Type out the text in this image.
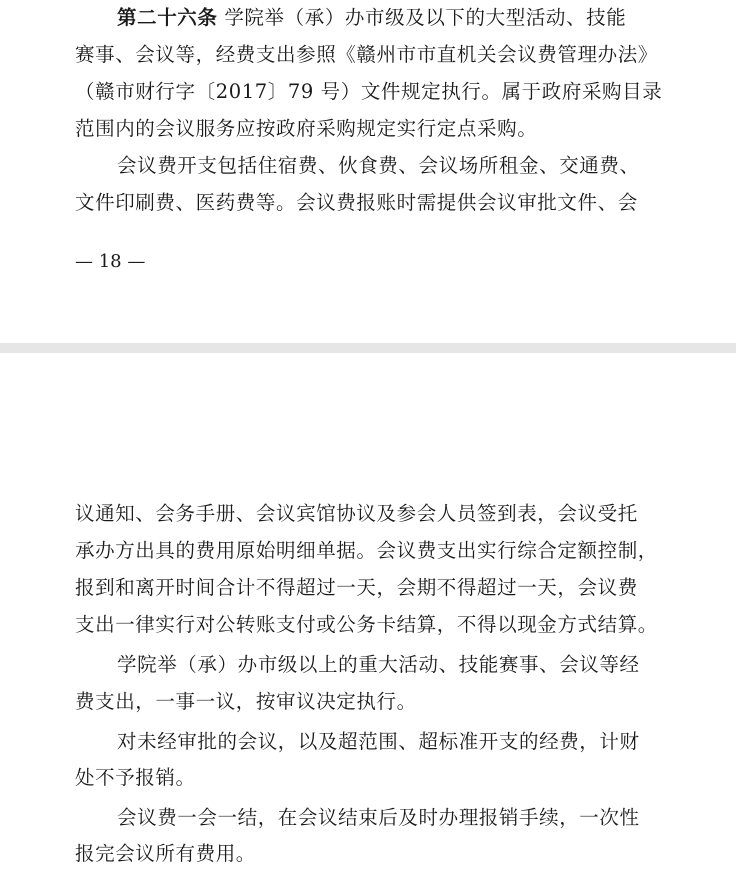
第二十六条 学院举（承）办市级及以下的大型活动、技能
赛事、会议等，经费支出参照《赣州市市直机关会议费管理办法》
（赣市财行字〔2017〕79 号）文件规定执行。属于政府采购目录
范围内的会议服务应按政府采购规定实行定点采购。
会议费开支包括住宿费、伙食费、会议场所租金、交通费、
文件印刷费、医药费等。会议费报账时需提供会议审批文件、会
— 18 —
议通知、会务手册、会议宾馆协议及参会人员签到表，会议受托
承办方出具的费用原始明细单据。会议费支出实行综合定额控制，
报到和离开时间合计不得超过一天，会期不得超过一天，会议费
支出一律实行对公转账支付或公务卡结算，不得以现金方式结算。
学院举（承）办市级以上的重大活动、技能赛事、会议等经
费支出，一事一议，按审议决定执行。
对未经审批的会议，以及超范围、超标准开支的经费，计财
处不予报销。
会议费一会一结，在会议结束后及时办理报销手续，一次性
报完会议所有费用。
